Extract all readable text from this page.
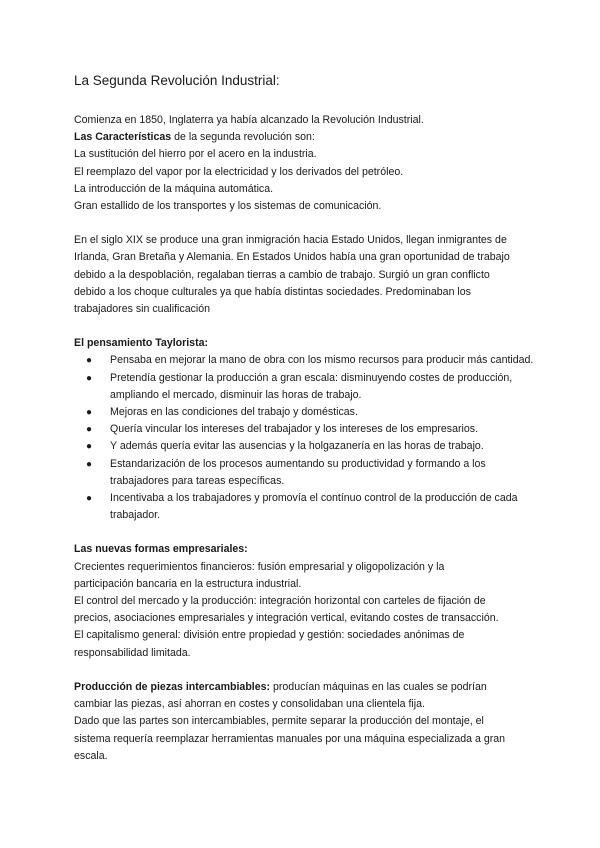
La Segunda Revolución Industrial:

Comienza en 1850, Inglaterra ya había alcanzado la Revolución Industrial.

Las Características de la segunda revolución son:

La sustitución del hierro por el acero en la industria.

El reemplazo del vapor por la electricidad y los derivados del petróleo.

La introducción de la máquina automática.

Gran estallido de los transportes y los sistemas de comunicación.

En el siglo XIX se produce una gran inmigración hacia Estado Unidos, llegan inmigrantes de

Irlanda, Gran Bretaña y Alemania. En Estados Unidos había una gran oportunidad de trabajo

debido a la despoblación, regalaban tierras a cambio de trabajo. Surgió un gran conflicto

debido a los choque culturales ya que había distintas sociedades. Predominaban los

trabajadores sin cualificación

El pensamiento Taylorista:

● Pensaba en mejorar la mano de obra con los mismo recursos para producir más cantidad.
● Pretendía gestionar la producción a gran escala: disminuyendo costes de producción, ampliando el mercado, disminuir las horas de trabajo.
● Mejoras en las condiciones del trabajo y domésticas.
● Quería vincular los intereses del trabajador y los intereses de los empresarios.
● Y además quería evitar las ausencias y la holgazanería en las horas de trabajo.
● Estandarización de los procesos aumentando su productividad y formando a los trabajadores para tareas específicas.
● Incentivaba a los trabajadores y promovía el contínuo control de la producción de cada trabajador.

Las nuevas formas empresariales:

Crecientes requerimientos financieros: fusión empresarial y oligopolización y la

participación bancaria en la estructura industrial.

El control del mercado y la producción: integración horizontal con carteles de fijación de

precios, asociaciones empresariales y integración vertical, evitando costes de transacción.

El capitalismo general: división entre propiedad y gestión: sociedades anónimas de

responsabilidad limitada.

Producción de piezas intercambiables: producían máquinas en las cuales se podrían

cambiar las piezas, así ahorran en costes y consolidaban una clientela fija.

Dado que las partes son intercambiables, permite separar la producción del montaje, el

sistema requería reemplazar herramientas manuales por una máquina especializada a gran

escala.
